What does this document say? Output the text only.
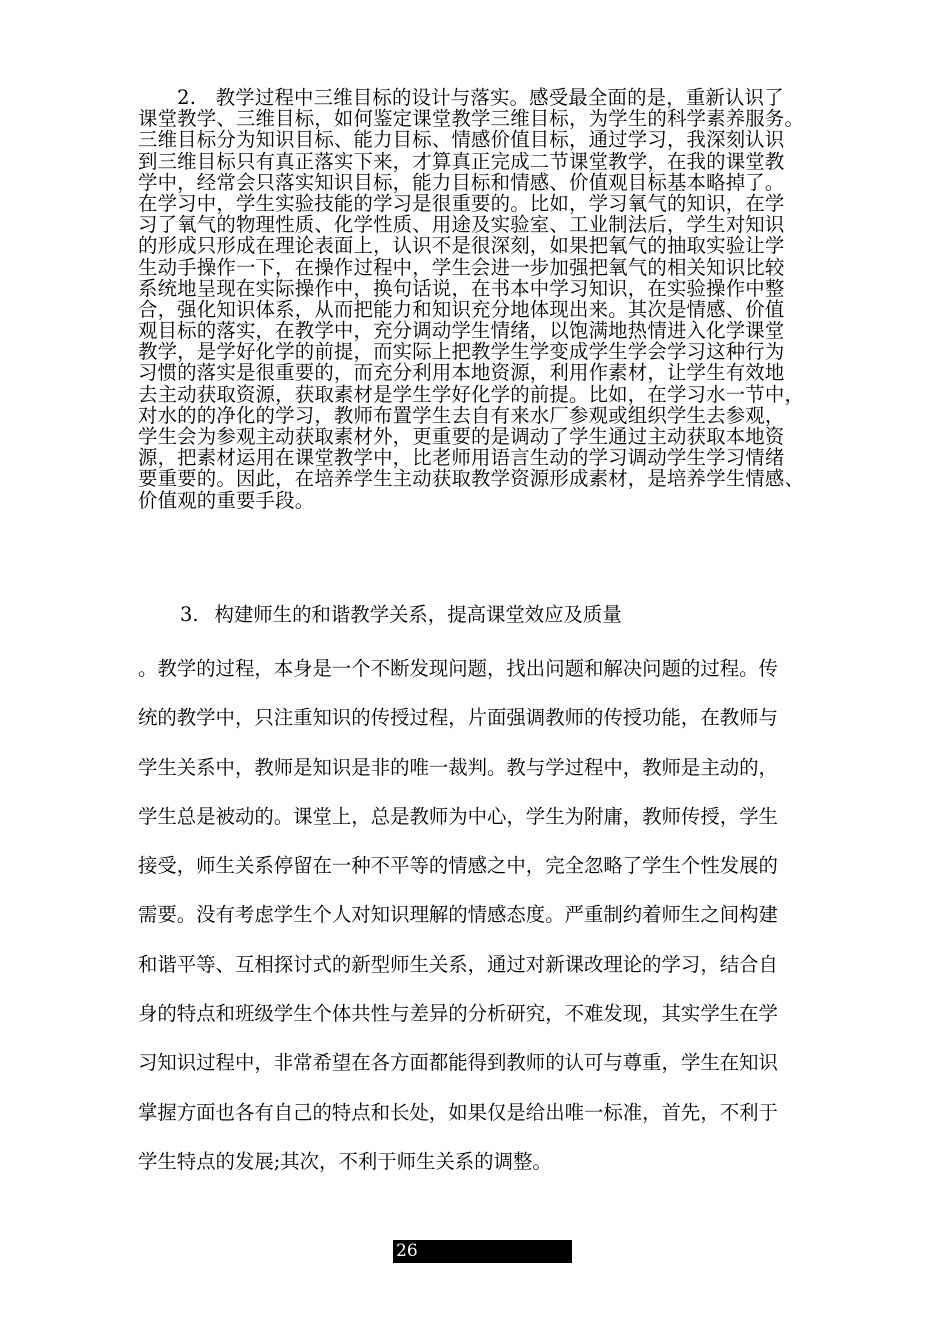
　　2.　教学过程中三维目标的设计与落实。感受最全面的是，重新认识了
课堂教学、三维目标，如何鉴定课堂教学三维目标，为学生的科学素养服务。
三维目标分为知识目标、能力目标、情感价值目标，通过学习，我深刻认识
到三维目标只有真正落实下来，才算真正完成二节课堂教学，在我的课堂教
学中，经常会只落实知识目标，能力目标和情感、价值观目标基本略掉了。
在学习中，学生实验技能的学习是很重要的。比如，学习氧气的知识，在学
习了氧气的物理性质、化学性质、用途及实验室、工业制法后，学生对知识
的形成只形成在理论表面上，认识不是很深刻，如果把氧气的抽取实验让学
生动手操作一下，在操作过程中，学生会进一步加强把氧气的相关知识比较
系统地呈现在实际操作中，换句话说，在书本中学习知识，在实验操作中整
合，强化知识体系，从而把能力和知识充分地体现出来。其次是情感、价值
观目标的落实，在教学中，充分调动学生情绪，以饱满地热情进入化学课堂
教学，是学好化学的前提，而实际上把教学生学变成学生学会学习这种行为
习惯的落实是很重要的，而充分利用本地资源，利用作素材，让学生有效地
去主动获取资源，获取素材是学生学好化学的前提。比如，在学习水一节中，
对水的的净化的学习，教师布置学生去自有来水厂参观或组织学生去参观，
学生会为参观主动获取素材外，更重要的是调动了学生通过主动获取本地资
源，把素材运用在课堂教学中，比老师用语言生动的学习调动学生学习情绪
要重要的。因此，在培养学生主动获取教学资源形成素材，是培养学生情感、
价值观的重要手段。
3. 构建师生的和谐教学关系，提高课堂效应及质量
。教学的过程，本身是一个不断发现问题，找出问题和解决问题的过程。传
统的教学中，只注重知识的传授过程，片面强调教师的传授功能，在教师与
学生关系中，教师是知识是非的唯一裁判。教与学过程中，教师是主动的，
学生总是被动的。课堂上，总是教师为中心，学生为附庸，教师传授，学生
接受，师生关系停留在一种不平等的情感之中，完全忽略了学生个性发展的
需要。没有考虑学生个人对知识理解的情感态度。严重制约着师生之间构建
和谐平等、互相探讨式的新型师生关系，通过对新课改理论的学习，结合自
身的特点和班级学生个体共性与差异的分析研究，不难发现，其实学生在学
习知识过程中，非常希望在各方面都能得到教师的认可与尊重，学生在知识
掌握方面也各有自己的特点和长处，如果仅是给出唯一标准，首先，不利于
学生特点的发展;其次，不利于师生关系的调整。
26
